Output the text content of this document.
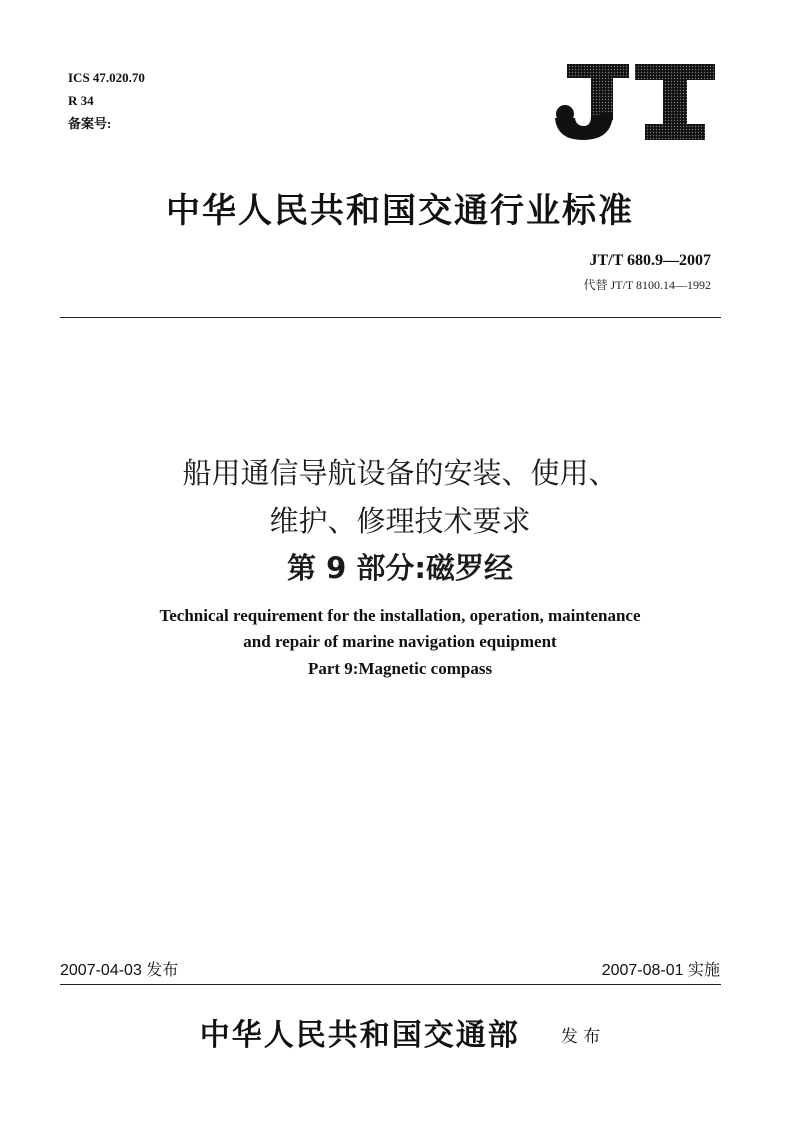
ICS 47.020.70
R 34
备案号:
中华人民共和国交通行业标准
JT/T 680.9—2007
代替 JT/T 8100.14—1992
船用通信导航设备的安装、使用、
维护、修理技术要求
第 9 部分:磁罗经
Technical requirement for the installation, operation, maintenance
and repair of marine navigation equipment
Part 9:Magnetic compass
2007-04-03 发布	2007-08-01 实施
中华人民共和国交通部 发 布
